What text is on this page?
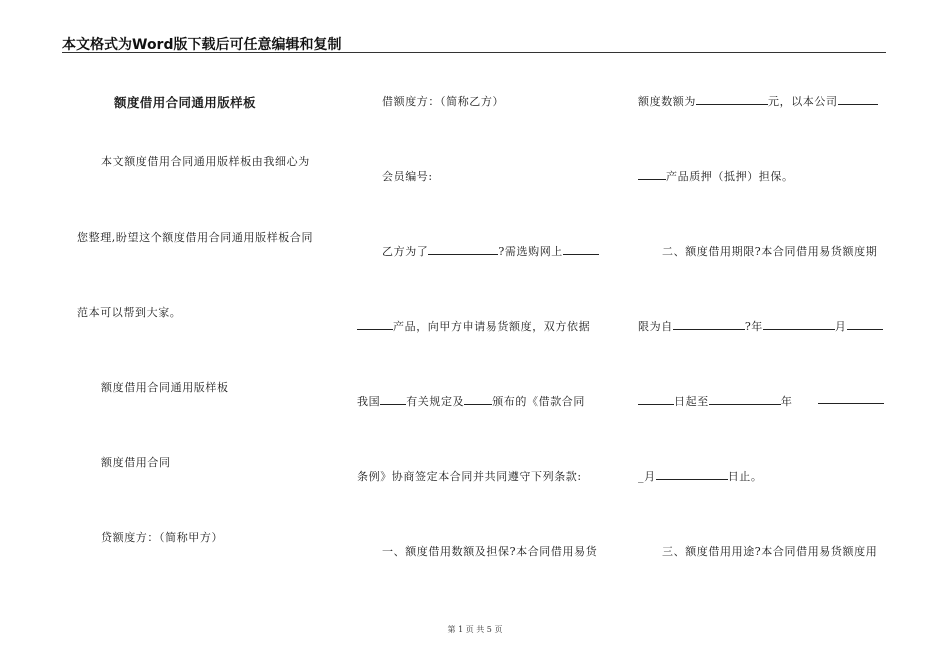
本文格式为Word版下载后可任意编辑和复制
额度借用合同通用版样板
本文额度借用合同通用版样板由我细心为
您整理,盼望这个额度借用合同通用版样板合同
范本可以帮到大家。
额度借用合同通用版样板
额度借用合同
贷额度方：（简称甲方）
借额度方：（简称乙方）
会员编号:
乙方为了	?需选购网上
产品，向甲方申请易货额度，双方依据
我国 有关规定及	颁布的《借款合同
条例》协商签定本合同并共同遵守下列条款:
一、额度借用数额及担保?本合同借用易货
额度数额为	元，以本公司
产品质押（抵押）担保。
二、额度借用期限?本合同借用易货额度期
限为自	?年	月
日起至	年
_月	日止。
三、额度借用用途?本合同借用易货额度用
第 1 页 共 5 页
